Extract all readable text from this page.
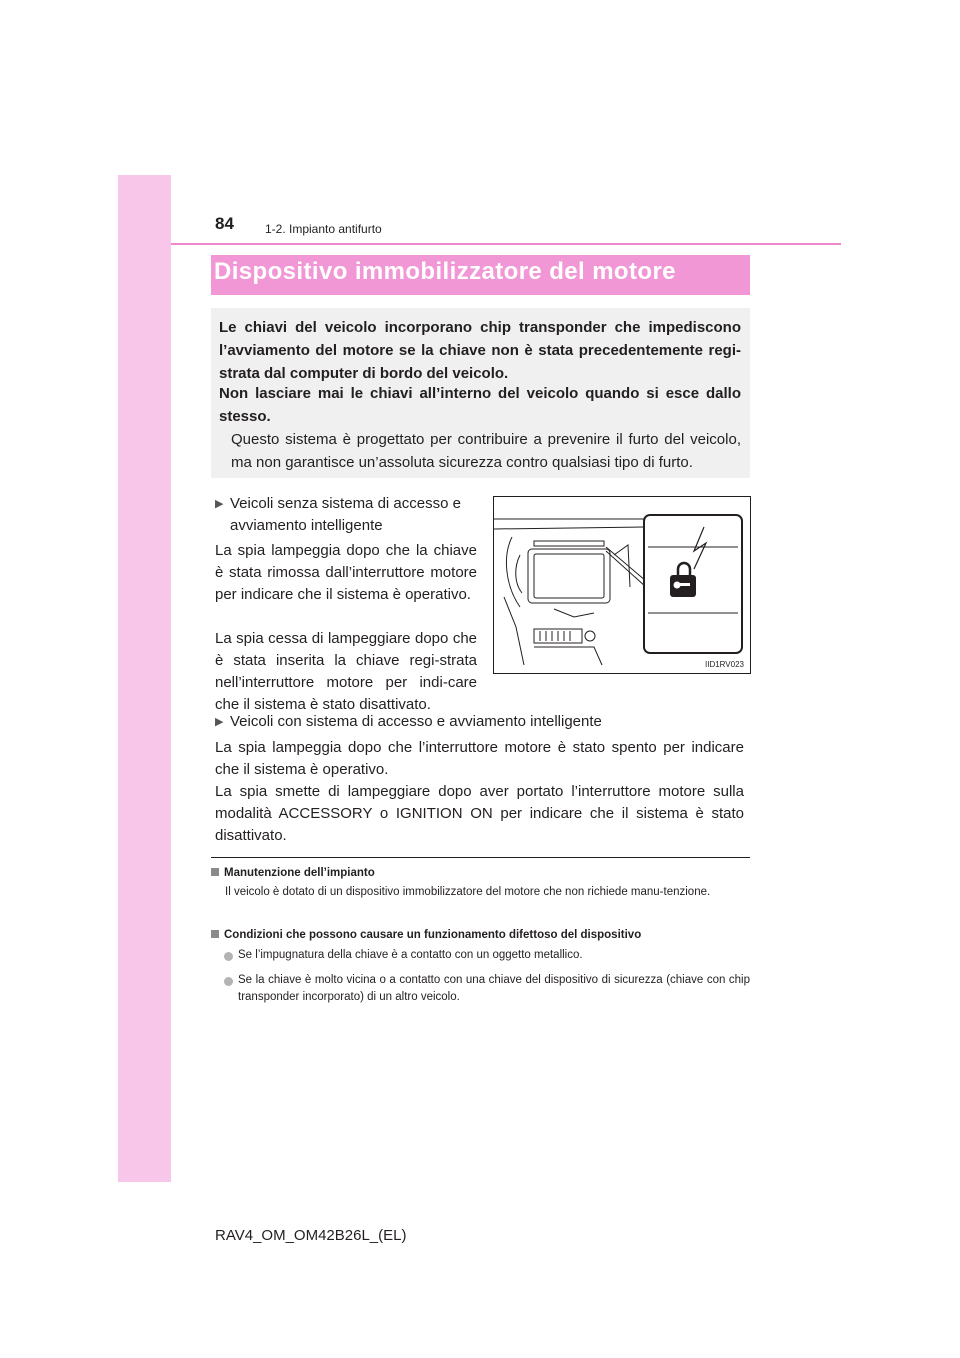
84	1-2. Impianto antifurto
Dispositivo immobilizzatore del motore

Le chiavi del veicolo incorporano chip transponder che impediscono l’avviamento del motore se la chiave non è stata precedentemente regi-strata dal computer di bordo del veicolo.

Non lasciare mai le chiavi all’interno del veicolo quando si esce dallo stesso.

Questo sistema è progettato per contribuire a prevenire il furto del veicolo, ma non garantisce un’assoluta sicurezza contro qualsiasi tipo di furto.

▶ Veicoli senza sistema di accesso e avviamento intelligente

La spia lampeggia dopo che la chiave è stata rimossa dall’interruttore motore per indicare che il sistema è operativo.

La spia cessa di lampeggiare dopo che è stata inserita la chiave regi-strata nell’interruttore motore per indi-care che il sistema è stato disattivato.

IID1RV023
▶ Veicoli con sistema di accesso e avviamento intelligente

La spia lampeggia dopo che l’interruttore motore è stato spento per indicare che il sistema è operativo.

La spia smette di lampeggiare dopo aver portato l’interruttore motore sulla modalità ACCESSORY o IGNITION ON per indicare che il sistema è stato disattivato.

Manutenzione dell’impianto

Il veicolo è dotato di un dispositivo immobilizzatore del motore che non richiede manu-tenzione.

Condizioni che possono causare un funzionamento difettoso del dispositivo

Se l’impugnatura della chiave è a contatto con un oggetto metallico.

Se la chiave è molto vicina o a contatto con una chiave del dispositivo di sicurezza (chiave con chip transponder incorporato) di un altro veicolo.

RAV4_OM_OM42B26L_(EL)
